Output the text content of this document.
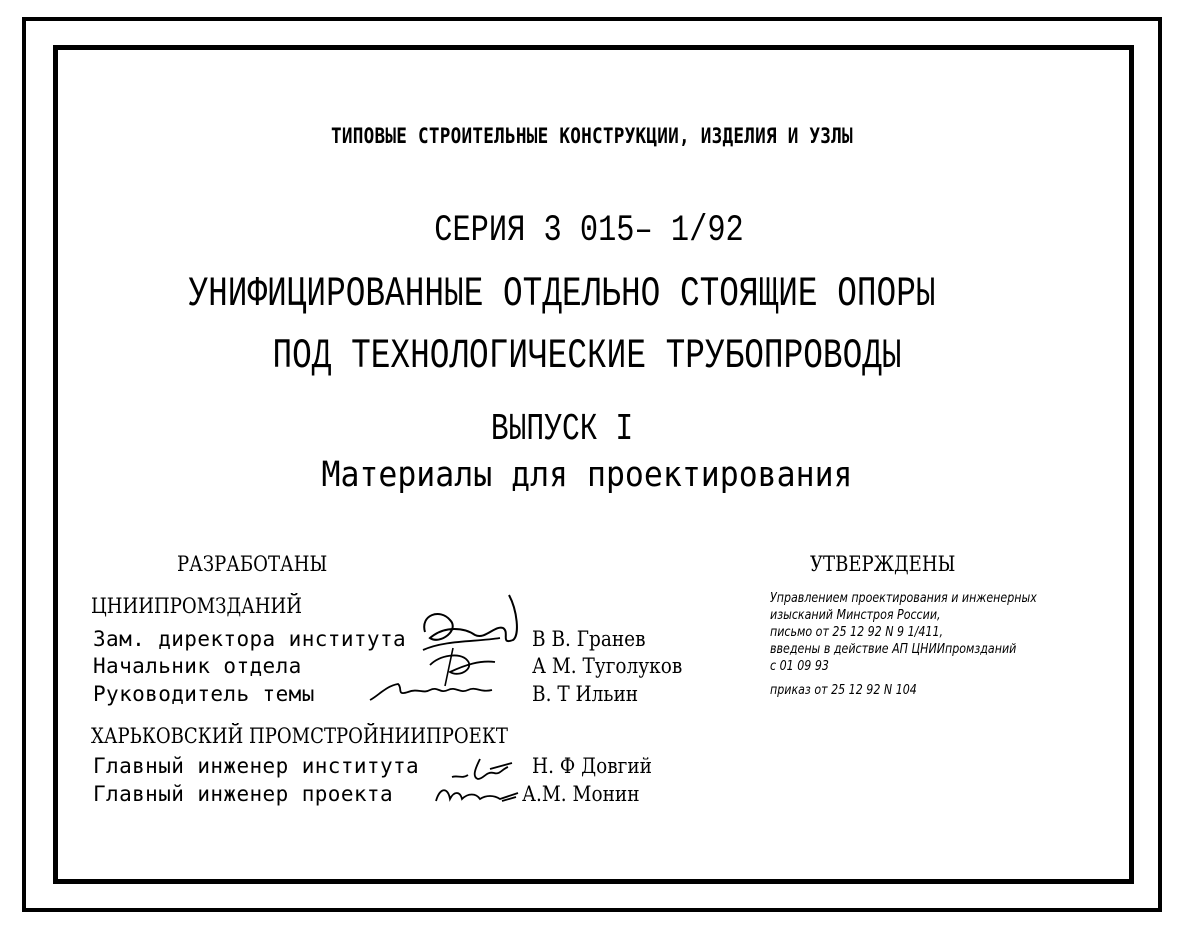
ТИПОВЫЕ СТРОИТЕЛЬНЫЕ КОНСТРУКЦИИ, ИЗДЕЛИЯ И УЗЛЫ
СЕРИЯ 3 015– 1/92
УНИФИЦИРОВАННЫЕ ОТДЕЛЬНО СТОЯЩИЕ ОПОРЫ
ПОД ТЕХНОЛОГИЧЕСКИЕ ТРУБОПРОВОДЫ
ВЫПУСК I
Материалы для проектирования
РАЗРАБОТАНЫ
ЦНИИПРОМЗДАНИЙ
Зам. директора института	В В. Гранев
Начальник отдела	А М. Туголуков
Руководитель темы	В. Т Ильин
ХАРЬКОВСКИЙ ПРОМСТРОЙНИИПРОЕКТ
Главный инженер института	Н. Ф Довгий
Главный инженер проекта	А.М. Монин
УТВЕРЖДЕНЫ
Управлением проектирования и инженерных
изысканий Минстроя России,
письмо от 25 12 92 N 9 1/411,
введены в действие АП ЦНИИпромзданий
с 01 09 93
приказ от 25 12 92 N 104
